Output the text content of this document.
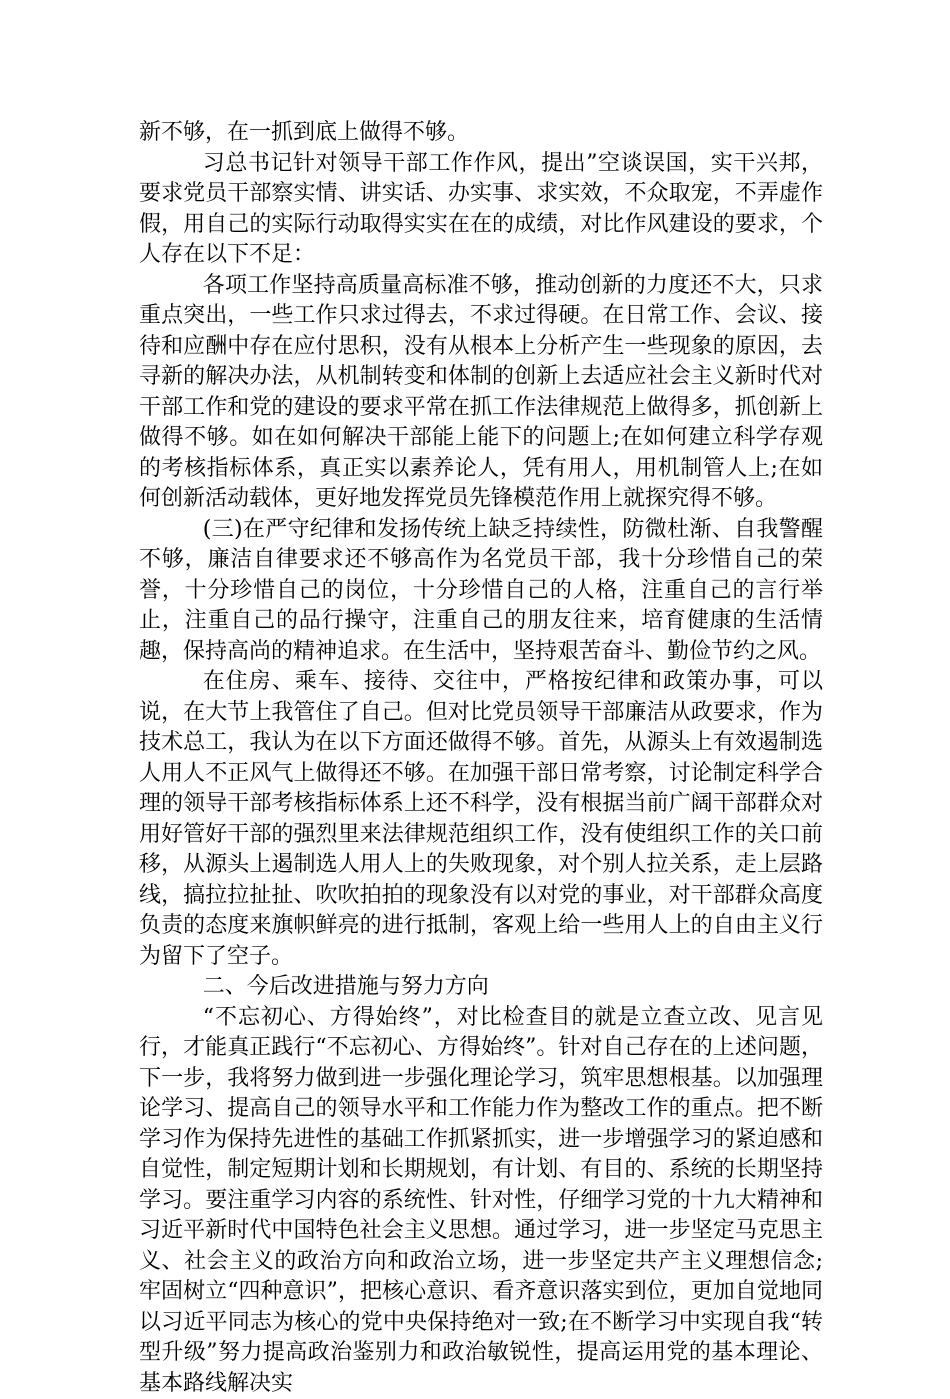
新不够，在一抓到底上做得不够。

习总书记针对领导干部工作作风，提出”空谈误国，实干兴邦，要求党员干部察实情、讲实话、办实事、求实效，不众取宠，不弄虚作假，用自己的实际行动取得实实在在的成绩，对比作风建设的要求，个人存在以下不足：

各项工作坚持高质量高标准不够，推动创新的力度还不大，只求重点突出，一些工作只求过得去，不求过得硬。在日常工作、会议、接待和应酬中存在应付思积，没有从根本上分析产生一些现象的原因，去寻新的解决办法，从机制转变和体制的创新上去适应社会主义新时代对干部工作和党的建设的要求平常在抓工作法律规范上做得多，抓创新上做得不够。如在如何解决干部能上能下的问题上;在如何建立科学存观的考核指标体系，真正实以素养论人，凭有用人，用机制管人上;在如何创新活动载体，更好地发挥党员先锋模范作用上就探究得不够。

(三)在严守纪律和发扬传统上缺乏持续性，防微杜渐、自我警醒不够，廉洁自律要求还不够高作为名党员干部，我十分珍惜自己的荣誉，十分珍惜自己的岗位，十分珍惜自己的人格，注重自己的言行举止，注重自己的品行操守，注重自己的朋友往来，培育健康的生活情趣，保持高尚的精神追求。在生活中，坚持艰苦奋斗、勤俭节约之风。

在住房、乘车、接待、交往中，严格按纪律和政策办事，可以说，在大节上我管住了自己。但对比党员领导干部廉洁从政要求，作为技术总工，我认为在以下方面还做得不够。首先，从源头上有效遏制选人用人不正风气上做得还不够。在加强干部日常考察，讨论制定科学合理的领导干部考核指标体系上还不科学，没有根据当前广阔干部群众对用好管好干部的强烈里来法律规范组织工作，没有使组织工作的关口前移，从源头上遏制选人用人上的失败现象，对个别人拉关系，走上层路线，搞拉拉扯扯、吹吹拍拍的现象没有以对党的事业，对干部群众高度负责的态度来旗帜鲜亮的进行抵制，客观上给一些用人上的自由主义行为留下了空子。

二、今后改进措施与努力方向

“不忘初心、方得始终”，对比检查目的就是立查立改、见言见行，才能真正践行“不忘初心、方得始终”。针对自己存在的上述问题，下一步，我将努力做到进一步强化理论学习，筑牢思想根基。以加强理论学习、提高自己的领导水平和工作能力作为整改工作的重点。把不断学习作为保持先进性的基础工作抓紧抓实，进一步增强学习的紧迫感和自觉性，制定短期计划和长期规划，有计划、有目的、系统的长期坚持学习。要注重学习内容的系统性、针对性，仔细学习党的十九大精神和习近平新时代中国特色社会主义思想。通过学习，进一步坚定马克思主义、社会主义的政治方向和政治立场，进一步坚定共产主义理想信念;牢固树立“四种意识”，把核心意识、看齐意识落实到位，更加自觉地同以习近平同志为核心的党中央保持绝对一致;在不断学习中实现自我“转型升级”努力提高政治鉴别力和政治敏锐性，提高运用党的基本理论、基本路线解决实
